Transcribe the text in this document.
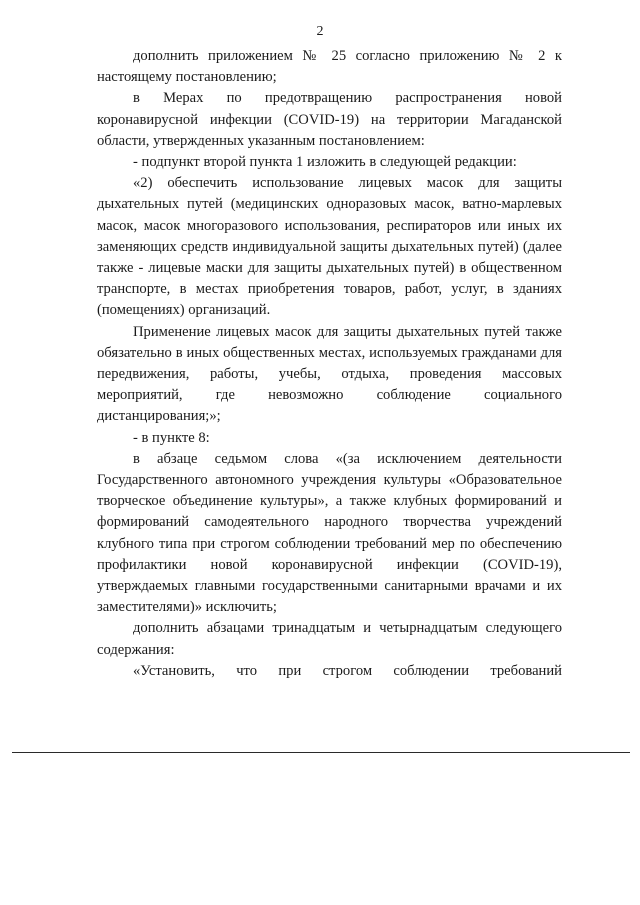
2

дополнить приложением № 25 согласно приложению № 2 к настоящему постановлению;

в Мерах по предотвращению распространения новой коронавирусной инфекции (COVID-19) на территории Магаданской области, утвержденных указанным постановлением:

- подпункт второй пункта 1 изложить в следующей редакции:

«2) обеспечить использование лицевых масок для защиты дыхательных путей (медицинских одноразовых масок, ватно-марлевых масок, масок многоразового использования, респираторов или иных их заменяющих средств индивидуальной защиты дыхательных путей) (далее также - лицевые маски для защиты дыхательных путей) в общественном транспорте, в местах приобретения товаров, работ, услуг, в зданиях (помещениях) организаций.

Применение лицевых масок для защиты дыхательных путей также обязательно в иных общественных местах, используемых гражданами для передвижения, работы, учебы, отдыха, проведения массовых мероприятий, где невозможно соблюдение социального дистанцирования;»;

- в пункте 8:

в абзаце седьмом слова «(за исключением деятельности Государственного автономного учреждения культуры «Образовательное творческое объединение культуры», а также клубных формирований и формирований самодеятельного народного творчества учреждений клубного типа при строгом соблюдении требований мер по обеспечению профилактики новой коронавирусной инфекции (COVID-19), утверждаемых главными государственными санитарными врачами и их заместителями)» исключить;

дополнить абзацами тринадцатым и четырнадцатым следующего содержания:

«Установить, что при строгом соблюдении требований
